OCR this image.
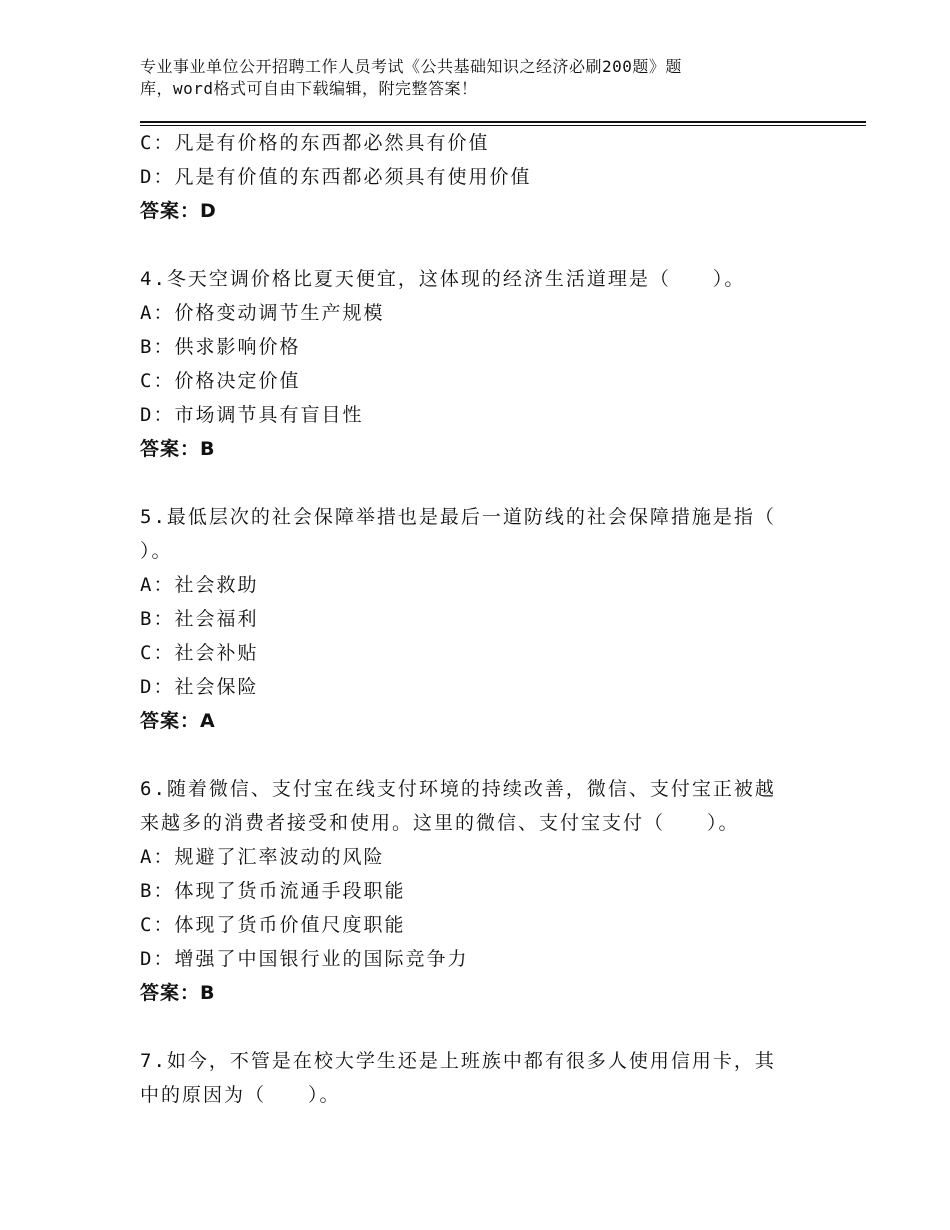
专业事业单位公开招聘工作人员考试《公共基础知识之经济必刷200题》题
库，word格式可自由下载编辑，附完整答案！
C：凡是有价格的东西都必然具有价值
D：凡是有价值的东西都必须具有使用价值
答案：D
4.冬天空调价格比夏天便宜，这体现的经济生活道理是（　　）。
A：价格变动调节生产规模
B：供求影响价格
C：价格决定价值
D：市场调节具有盲目性
答案：B
5.最低层次的社会保障举措也是最后一道防线的社会保障措施是指（
）。
A：社会救助
B：社会福利
C：社会补贴
D：社会保险
答案：A
6.随着微信、支付宝在线支付环境的持续改善，微信、支付宝正被越
来越多的消费者接受和使用。这里的微信、支付宝支付（　　）。
A：规避了汇率波动的风险
B：体现了货币流通手段职能
C：体现了货币价值尺度职能
D：增强了中国银行业的国际竞争力
答案：B
7.如今，不管是在校大学生还是上班族中都有很多人使用信用卡，其
中的原因为（　　）。
